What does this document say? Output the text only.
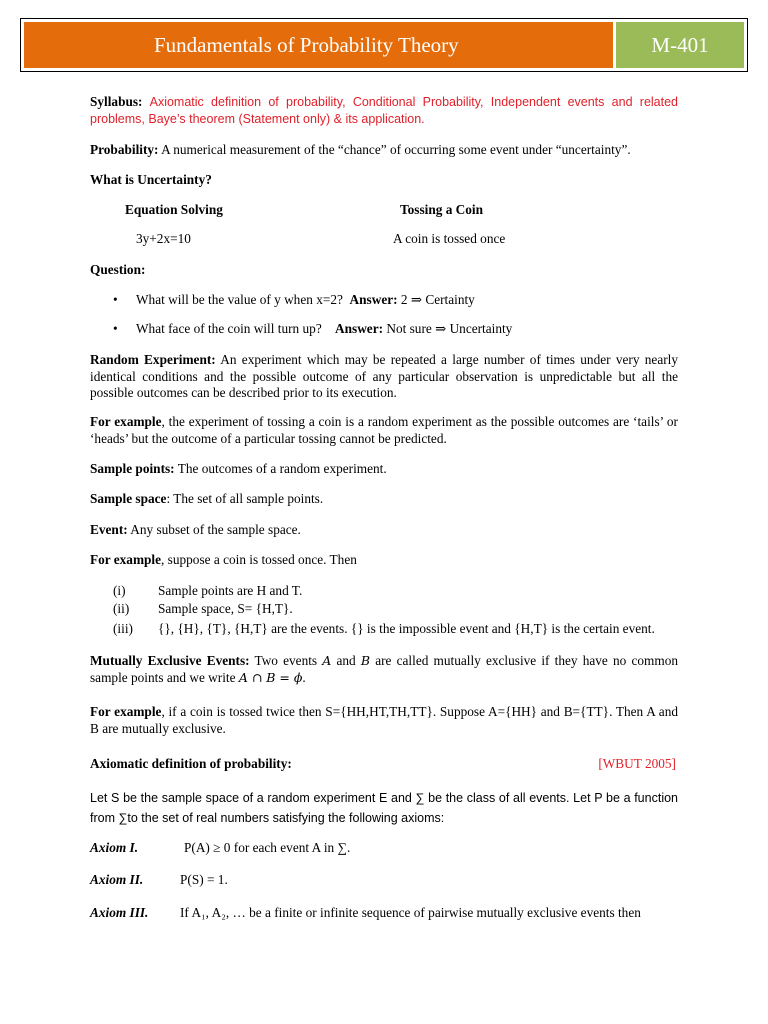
Fundamentals of Probability Theory	M-401
Syllabus: Axiomatic definition of probability, Conditional Probability, Independent events and related problems, Baye’s theorem (Statement only) & its application.
Probability: A numerical measurement of the “chance” of occurring some event under “uncertainty”.
What is Uncertainty?
Equation Solving	Tossing a Coin
3y+2x=10	A coin is tossed once
Question:
• What will be the value of y when x=2? Answer: 2 ⇒ Certainty
• What face of the coin will turn up? Answer: Not sure ⇒ Uncertainty
Random Experiment: An experiment which may be repeated a large number of times under very nearly identical conditions and the possible outcome of any particular observation is unpredictable but all the possible outcomes can be described prior to its execution.
For example, the experiment of tossing a coin is a random experiment as the possible outcomes are ‘tails’ or ‘heads’ but the outcome of a particular tossing cannot be predicted.
Sample points: The outcomes of a random experiment.
Sample space: The set of all sample points.
Event: Any subset of the sample space.
For example, suppose a coin is tossed once. Then
(i) Sample points are H and T.
(ii) Sample space, S= {H,T}.
(iii) {}, {H}, {T}, {H,T} are the events. {} is the impossible event and {H,T} is the certain event.
Mutually Exclusive Events: Two events A and B are called mutually exclusive if they have no common sample points and we write A ∩ B = ϕ.
For example, if a coin is tossed twice then S={HH,HT,TH,TT}. Suppose A={HH} and B={TT}. Then A and B are mutually exclusive.
Axiomatic definition of probability:	[WBUT 2005]
Let S be the sample space of a random experiment E and ∑ be the class of all events. Let P be a function from ∑to the set of real numbers satisfying the following axioms:
Axiom I.	P(A) ≥ 0 for each event A in ∑.
Axiom II.	P(S) = 1.
Axiom III. If A₁, A₂, … be a finite or infinite sequence of pairwise mutually exclusive events then
